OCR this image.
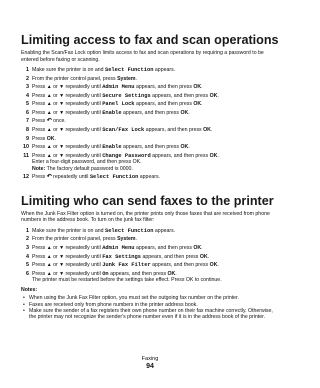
Limiting access to fax and scan operations
Enabling the Scan/Fax Lock option limits access to fax and scan operations by requiring a password to be entered before faxing or scanning.
1 Make sure the printer is on and Select Function appears.
2 From the printer control panel, press System.
3 Press ▲ or ▼ repeatedly until Admin Menu appears, and then press OK.
4 Press ▲ or ▼ repeatedly until Secure Settings appears, and then press OK.
5 Press ▲ or ▼ repeatedly until Panel Lock appears, and then press OK.
6 Press ▲ or ▼ repeatedly until Enable appears, and then press OK.
7 Press ↶ once.
8 Press ▲ or ▼ repeatedly until Scan/Fax Lock appears, and then press OK.
9 Press OK.
10 Press ▲ or ▼ repeatedly until Enable appears, and then press OK.
11 Press ▲ or ▼ repeatedly until Change Password appears, and then press OK.
Enter a four-digit password, and then press OK.
Note: The factory default password is 0000.
12 Press ↶ repeatedly until Select Function appears.
Limiting who can send faxes to the printer
When the Junk Fax Filter option is turned on, the printer prints only those faxes that are received from phone numbers in the address book. To turn on the junk fax filter:
1 Make sure the printer is on and Select Function appears.
2 From the printer control panel, press System.
3 Press ▲ or ▼ repeatedly until Admin Menu appears, and then press OK.
4 Press ▲ or ▼ repeatedly until Fax Settings appears, and then press OK.
5 Press ▲ or ▼ repeatedly until Junk Fax Filter appears, and then press OK.
6 Press ▲ or ▼ repeatedly until On appears, and then press OK.
The printer must be restarted before the settings take effect. Press OK to continue.
Notes:
• When using the Junk Fax Filter option, you must set the outgoing fax number on the printer.
• Faxes are received only from phone numbers in the printer address book.
• Make sure the sender of a fax registers their own phone number on their fax machine correctly. Otherwise, the printer may not recognize the sender's phone number even if it is in the address book of the printer.
Faxing
94
